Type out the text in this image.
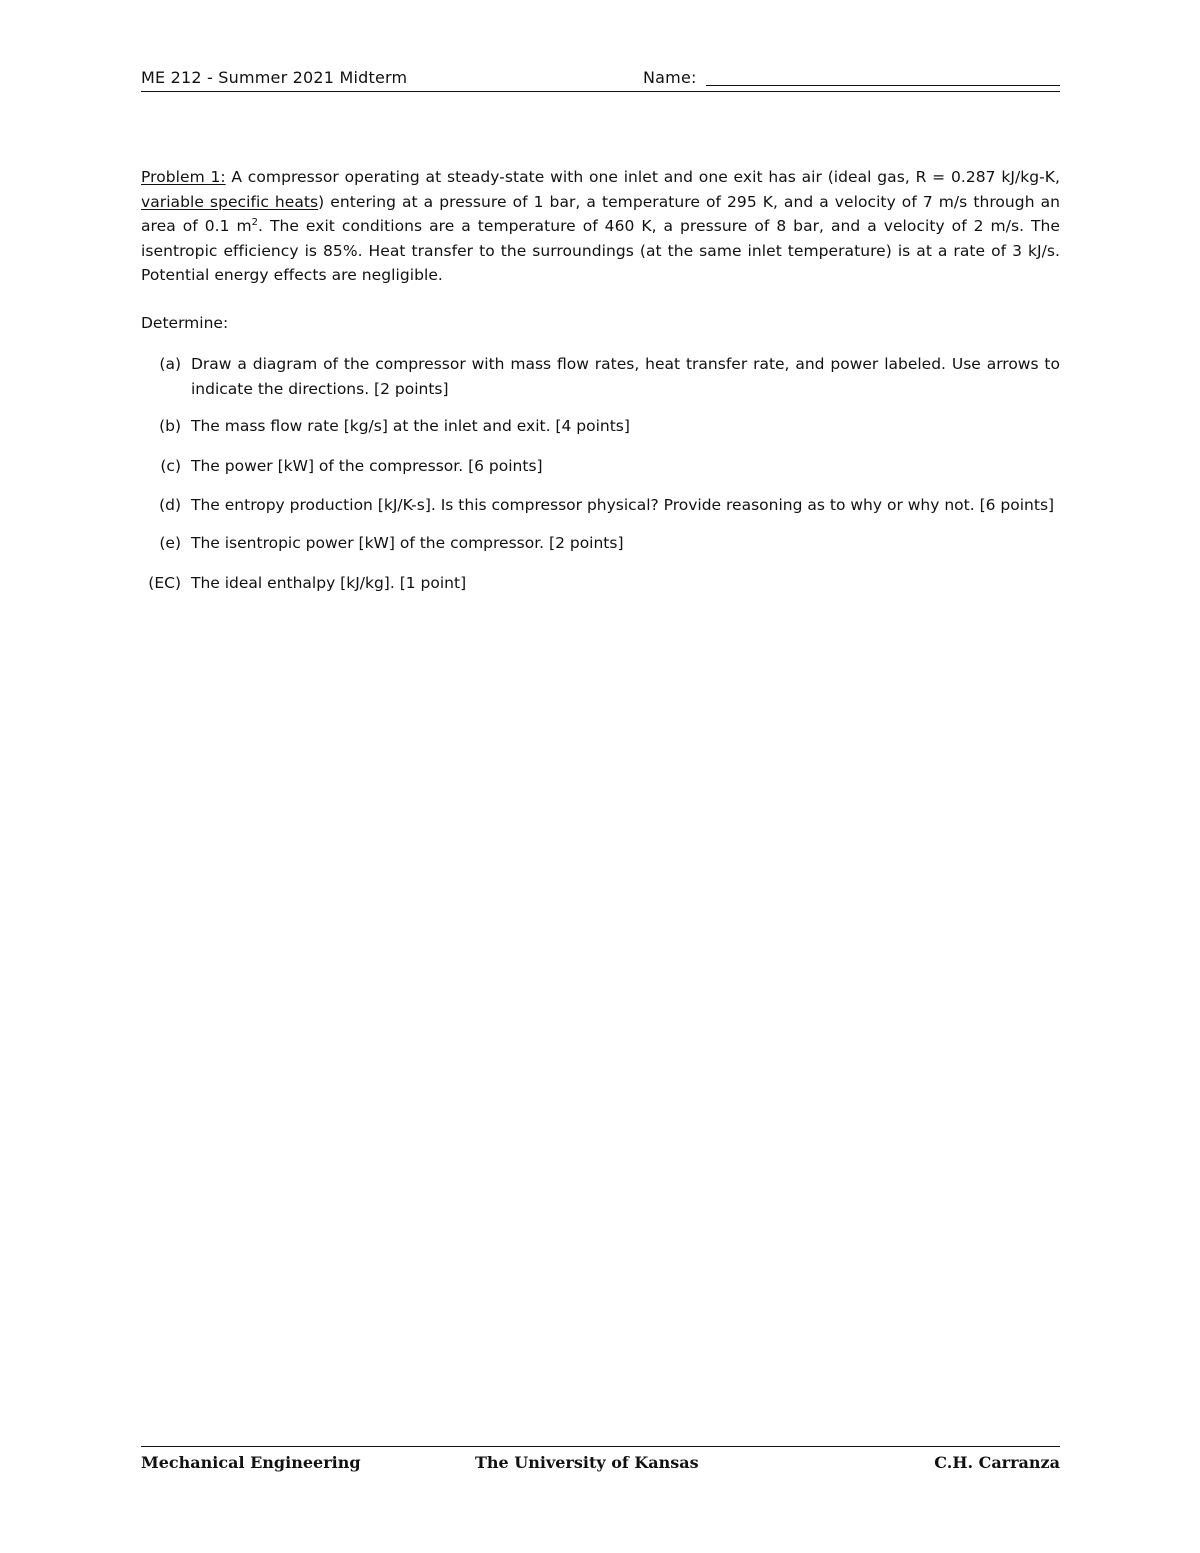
ME 212 - Summer 2021 Midterm	Name:
Problem 1: A compressor operating at steady-state with one inlet and one exit has air (ideal gas, R = 0.287 kJ/kg-K, variable specific heats) entering at a pressure of 1 bar, a temperature of 295 K, and a velocity of 7 m/s through an area of 0.1 $m^2$. The exit conditions are a temperature of 460 K, a pressure of 8 bar, and a velocity of 2 m/s. The isentropic efficiency is 85%. Heat transfer to the surroundings (at the same inlet temperature) is at a rate of 3 kJ/s. Potential energy effects are negligible.
Determine:
(a) Draw a diagram of the compressor with mass flow rates, heat transfer rate, and power labeled. Use arrows to indicate the directions. [2 points]
(b) The mass flow rate [kg/s] at the inlet and exit. [4 points]
(c) The power [kW] of the compressor. [6 points]
(d) The entropy production [kJ/K-s]. Is this compressor physical? Provide reasoning as to why or why not. [6 points]
(e) The isentropic power [kW] of the compressor. [2 points]
(EC) The ideal enthalpy [kJ/kg]. [1 point]
Mechanical Engineering	The University of Kansas	C.H. Carranza
